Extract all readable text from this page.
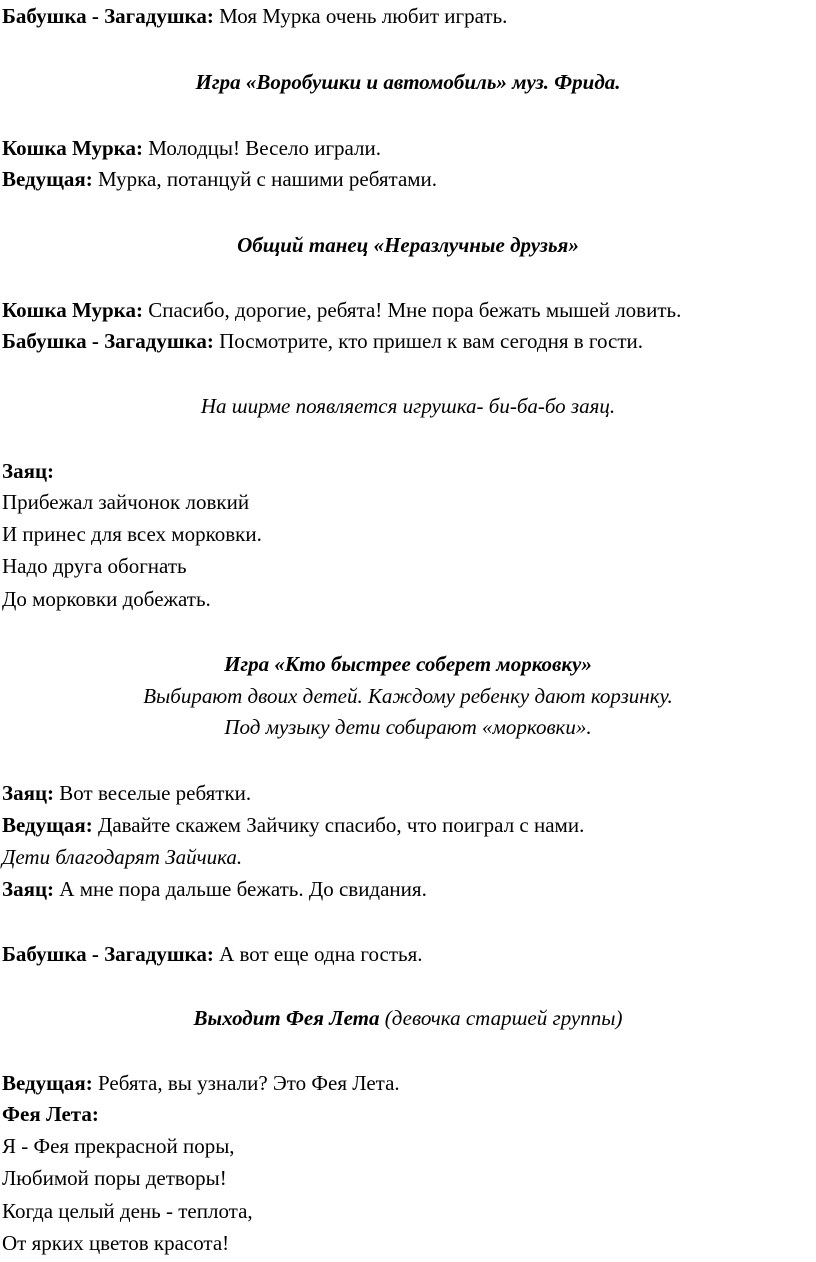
Бабушка - Загадушка: Моя Мурка очень любит играть.
Игра «Воробушки и автомобиль» муз. Фрида.
Кошка Мурка: Молодцы! Весело играли.
Ведущая: Мурка, потанцуй с нашими ребятами.
Общий танец «Неразлучные друзья»
Кошка Мурка: Спасибо, дорогие, ребята! Мне пора бежать мышей ловить.
Бабушка - Загадушка: Посмотрите, кто пришел к вам сегодня в гости.
На ширме появляется игрушка- би-ба-бо заяц.
Заяц:
Прибежал зайчонок ловкий
И принес для всех морковки.
Надо друга обогнать
До морковки добежать.
Игра «Кто быстрее соберет морковку»
Выбирают двоих детей. Каждому ребенку дают корзинку.
Под музыку дети собирают «морковки».
Заяц: Вот веселые ребятки.
Ведущая: Давайте скажем Зайчику спасибо, что поиграл с нами.
Дети благодарят Зайчика.
Заяц: А мне пора дальше бежать. До свидания.
Бабушка - Загадушка: А вот еще одна гостья.
Выходит Фея Лета (девочка старшей группы)
Ведущая: Ребята, вы узнали? Это Фея Лета.
Фея Лета:
Я - Фея прекрасной поры,
Любимой поры детворы!
Когда целый день - теплота,
От ярких цветов красота!
